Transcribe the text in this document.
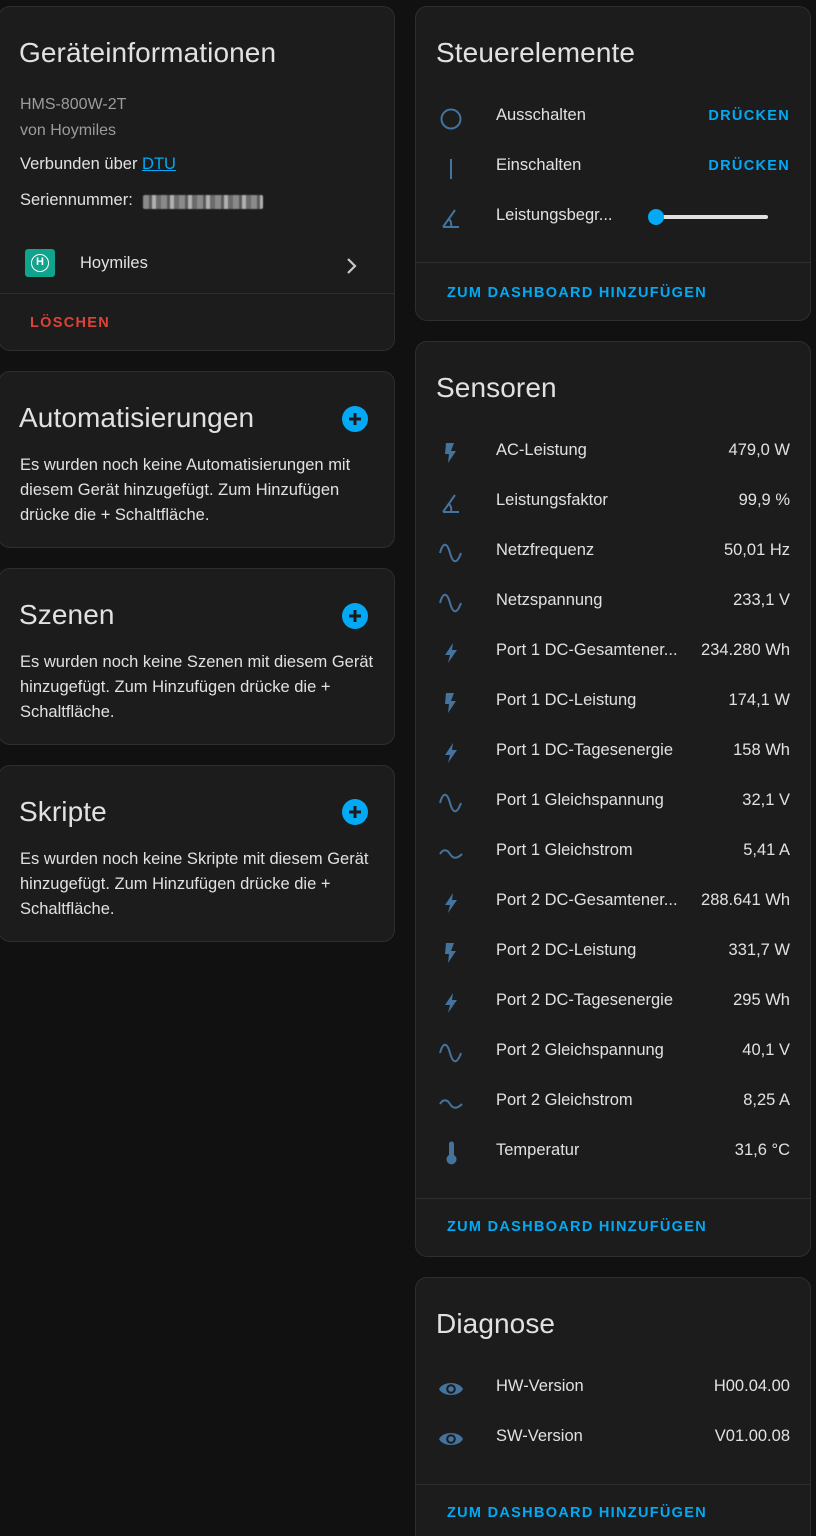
Geräteinformationen
HMS-800W-2T
von Hoymiles
Verbunden über DTU
Seriennummer:
H	Hoymiles
LÖSCHEN
Automatisierungen
Es wurden noch keine Automatisierungen mit diesem Gerät hinzugefügt. Zum Hinzufügen drücke die + Schaltfläche.
Szenen
Es wurden noch keine Szenen mit diesem Gerät hinzugefügt. Zum Hinzufügen drücke die + Schaltfläche.
Skripte
Es wurden noch keine Skripte mit diesem Gerät hinzugefügt. Zum Hinzufügen drücke die + Schaltfläche.
Steuerelemente
Ausschalten	DRÜCKEN
Einschalten	DRÜCKEN
Leistungsbegr...
ZUM DASHBOARD HINZUFÜGEN
Sensoren
AC-Leistung	479,0 W
Leistungsfaktor	99,9 %
Netzfrequenz	50,01 Hz
Netzspannung	233,1 V
Port 1 DC-Gesamtener... 234.280 Wh
Port 1 DC-Leistung	174,1 W
Port 1 DC-Tagesenergie	158 Wh
Port 1 Gleichspannung	32,1 V
Port 1 Gleichstrom	5,41 A
Port 2 DC-Gesamtener... 288.641 Wh
Port 2 DC-Leistung	331,7 W
Port 2 DC-Tagesenergie	295 Wh
Port 2 Gleichspannung	40,1 V
Port 2 Gleichstrom	8,25 A
Temperatur	31,6 °C
ZUM DASHBOARD HINZUFÜGEN
Diagnose
HW-Version	H00.04.00
SW-Version	V01.00.08
ZUM DASHBOARD HINZUFÜGEN
